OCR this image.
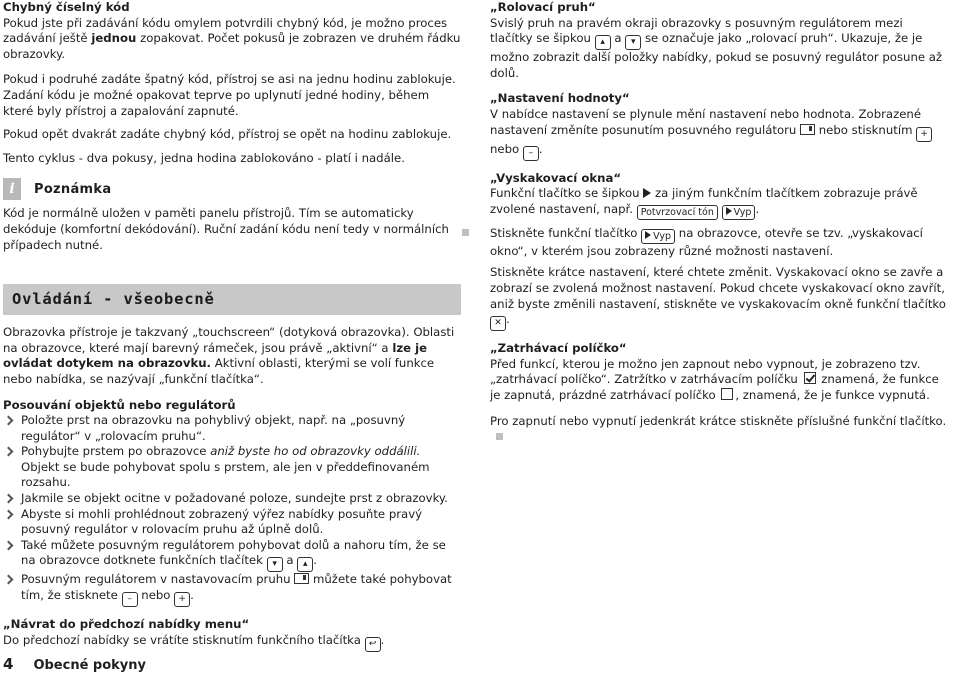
Chybný číselný kód

Pokud jste při zadávání kódu omylem potvrdili chybný kód, je možno proces zadávání ještě jednou zopakovat. Počet pokusů je zobrazen ve druhém řádku obrazovky.

Pokud i podruhé zadáte špatný kód, přístroj se asi na jednu hodinu zablokuje. Zadání kódu je možné opakovat teprve po uplynutí jedné hodiny, během které byly přístroj a zapalování zapnuté.

Pokud opět dvakrát zadáte chybný kód, přístroj se opět na hodinu zablokuje.

Tento cyklus - dva pokusy, jedna hodina zablokováno - platí i nadále.

i	Poznámka

Kód je normálně uložen v paměti panelu přístrojů. Tím se automaticky dekóduje (komfortní dekódování). Ruční zadání kódu není tedy v normálních případech nutné.

Ovládání - všeobecně

Obrazovka přístroje je takzvaný „touchscreen“ (dotyková obrazovka). Oblasti na obrazovce, které mají barevný rámeček, jsou právě „aktivní“ a lze je ovládat dotykem na obrazovku. Aktivní oblasti, kterými se volí funkce nebo nabídka, se nazývají „funkční tlačítka“.

Posouvání objektů nebo regulátorů

Položte prst na obrazovku na pohyblivý objekt, např. na „posuvný regulátor“ v „rolovacím pruhu“.

Pohybujte prstem po obrazovce aniž byste ho od obrazovky oddálili. Objekt se bude pohybovat spolu s prstem, ale jen v předdefinovaném rozsahu.

Jakmile se objekt ocitne v požadované poloze, sundejte prst z obrazovky.

Abyste si mohli prohlédnout zobrazený výřez nabídky posuňte pravý posuvný regulátor v rolovacím pruhu až úplně dolů.

Také můžete posuvným regulátorem pohybovat dolů a nahoru tím, že se na obrazovce dotknete funkčních tlačítek ▾ a ▴ .

Posuvným regulátorem v nastavovacím pruhu můžete také pohybovat tím, že stisknete – nebo + .

„Návrat do předchozí nabídky menu“

Do předchozí nabídky se vrátíte stisknutím funkčního tlačítka ↩ .

„Rolovací pruh“

Svislý pruh na pravém okraji obrazovky s posuvným regulátorem mezi tlačítky se šipkou ▴ a ▾ se označuje jako „rolovací pruh“. Ukazuje, že je možno zobrazit další položky nabídky, pokud se posuvný regulátor posune až dolů.

„Nastavení hodnoty“

V nabídce nastavení se plynule mění nastavení nebo hodnota. Zobrazené nastavení změníte posunutím posuvného regulátoru nebo stisknutím + nebo – .

„Vyskakovací okna“

Funkční tlačítko se šipkou za jiným funkčním tlačítkem zobrazuje právě zvolené nastavení, např. Potvrzovací tón Vyp .

Stiskněte funkční tlačítko Vyp na obrazovce, otevře se tzv. „vyskakovací okno“, v kterém jsou zobrazeny různé možnosti nastavení.

Stiskněte krátce nastavení, které chtete změnit. Vyskakovací okno se zavře a zobrazí se zvolená možnost nastavení. Pokud chcete vyskakovací okno zavřít, aniž byste změnili nastavení, stiskněte ve vyskakovacím okně funkční tlačítko ✕ .

„Zatrhávací políčko“

Před funkcí, kterou je možno jen zapnout nebo vypnout, je zobrazeno tzv. „zatrhávací políčko“. Zatržítko v zatrhávacím políčku znamená, že funkce je zapnutá, prázdné zatrhávací políčko , znamená, že je funkce vypnutá.

Pro zapnutí nebo vypnutí jedenkrát krátce stiskněte příslušné funkční tlačítko.

4 Obecné pokyny
